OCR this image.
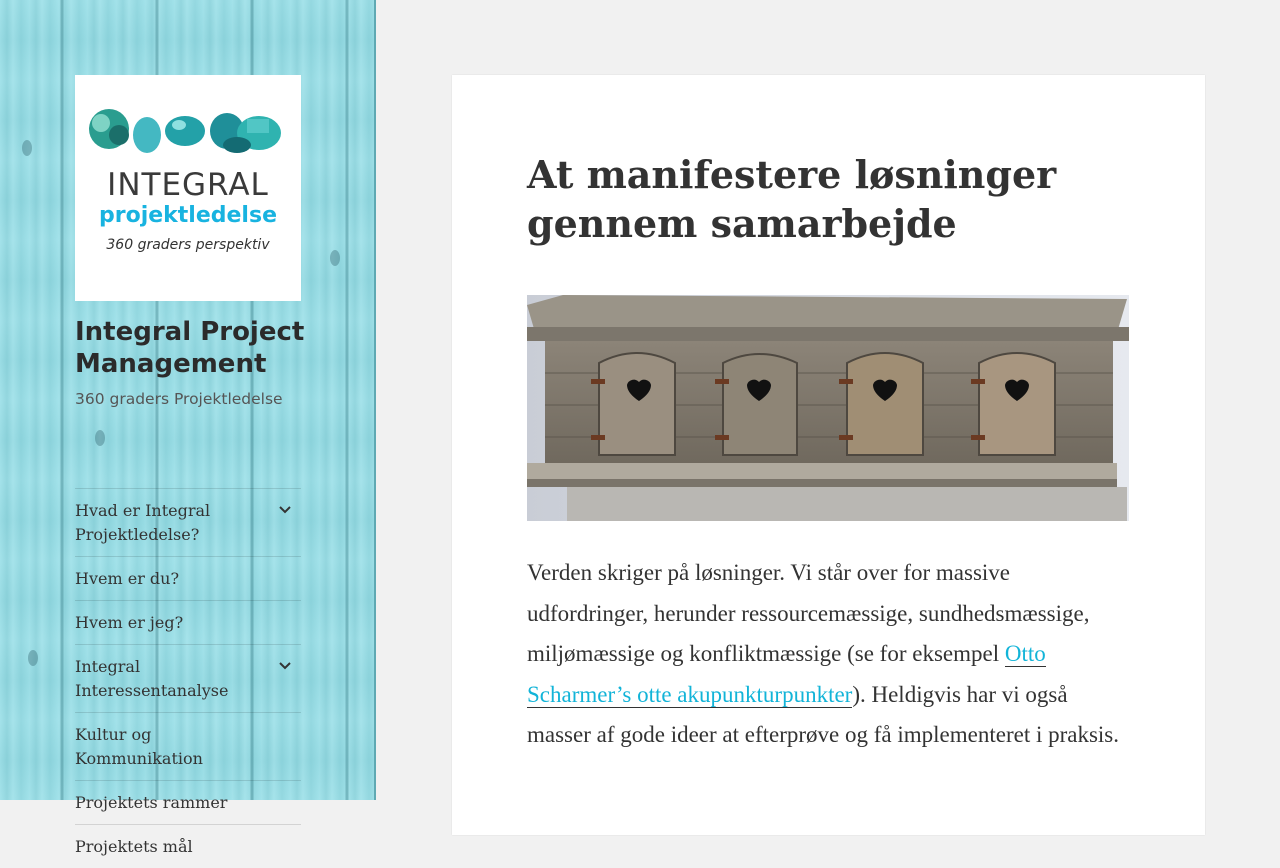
INTEGRAL
projektledelse
360 graders perspektiv
Integral Project Management

360 graders Projektledelse

Hvad er Integral Projektledelse?
Hvem er du?
Hvem er jeg?
Integral Interessentanalyse
Kultur og Kommunikation
Projektets rammer
Projektets mål
At manifestere løsninger gennem samarbejde
Verden skriger på løsninger. Vi står over for massive udfordringer, herunder ressourcemæssige, sundhedsmæssige, miljømæssige og konfliktmæssige (se for eksempel Otto Scharmer’s otte akupunkturpunkter). Heldigvis har vi også masser af gode ideer at efterprøve og få implementeret i praksis.
